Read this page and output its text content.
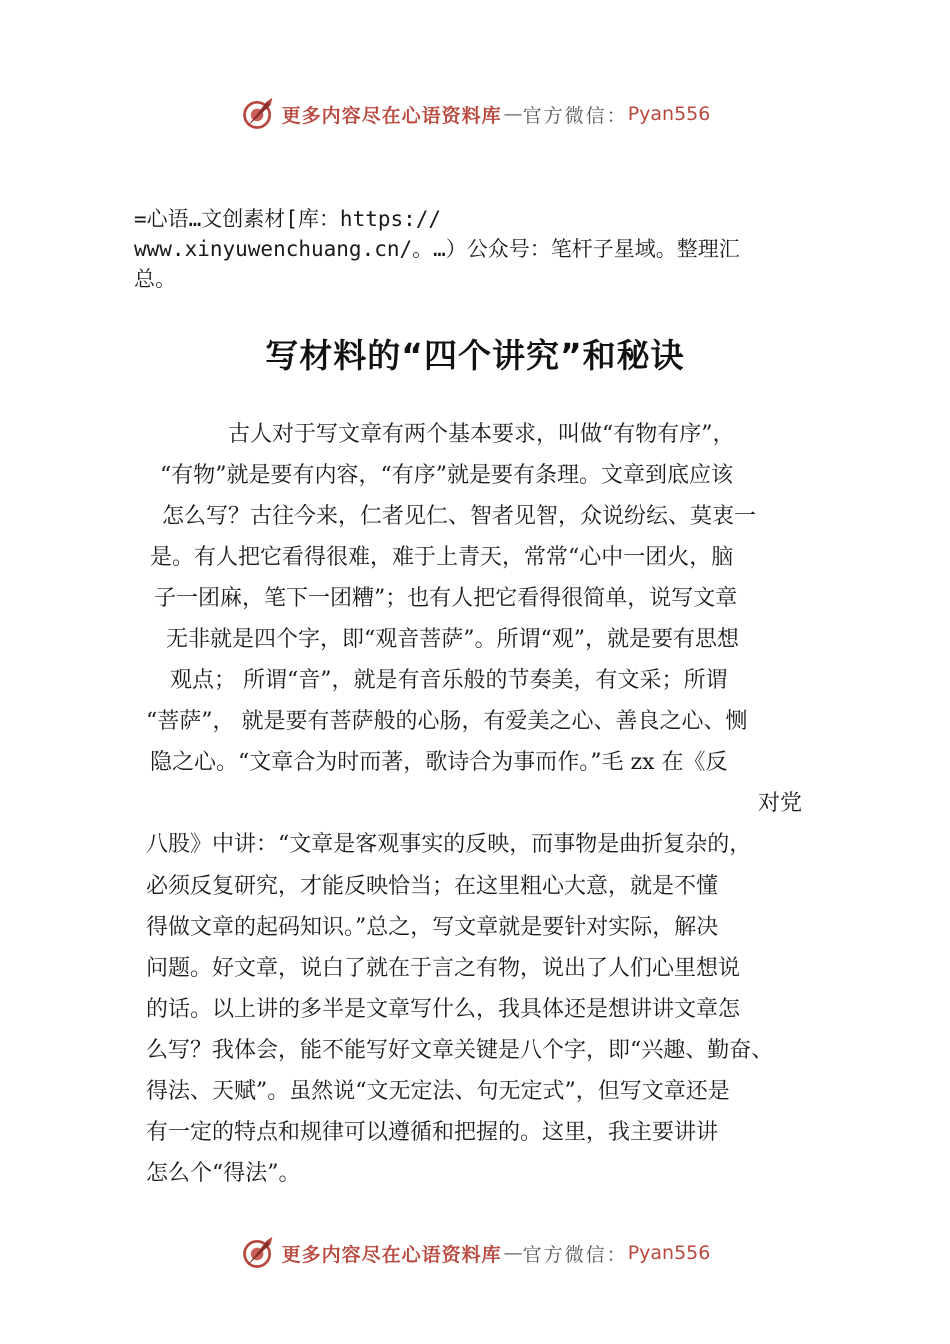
更多内容尽在心语资料库 — 官方微信： Pyan556
=心语…文创素材[库：https://
www.xinyuwenchuang.cn/。…）公众号：笔杆子星域。整理汇
总。
写材料的“四个讲究”和秘诀
古人对于写文章有两个基本要求，叫做“有物有序”，
“有物”就是要有内容，“有序”就是要有条理。文章到底应该
怎么写？古往今来，仁者见仁、智者见智，众说纷纭、莫衷一
是。有人把它看得很难，难于上青天，常常“心中一团火，脑
子一团麻，笔下一团糟”；也有人把它看得很简单，说写文章
无非就是四个字，即“观音菩萨”。所谓“观”，就是要有思想
观点； 所谓“音”，就是有音乐般的节奏美，有文采；所谓
“菩萨”， 就是要有菩萨般的心肠，有爱美之心、善良之心、恻
隐之心。“文章合为时而著，歌诗合为事而作。”毛 zx 在《反
对党
八股》中讲：“文章是客观事实的反映，而事物是曲折复杂的，
必须反复研究，才能反映恰当；在这里粗心大意，就是不懂
得做文章的起码知识。”总之，写文章就是要针对实际，解决
问题。好文章，说白了就在于言之有物，说出了人们心里想说
的话。以上讲的多半是文章写什么，我具体还是想讲讲文章怎
么写？我体会，能不能写好文章关键是八个字，即“兴趣、勤奋、
得法、天赋”。虽然说“文无定法、句无定式”，但写文章还是
有一定的特点和规律可以遵循和把握的。这里，我主要讲讲
怎么个“得法”。
更多内容尽在心语资料库 — 官方微信： Pyan556
